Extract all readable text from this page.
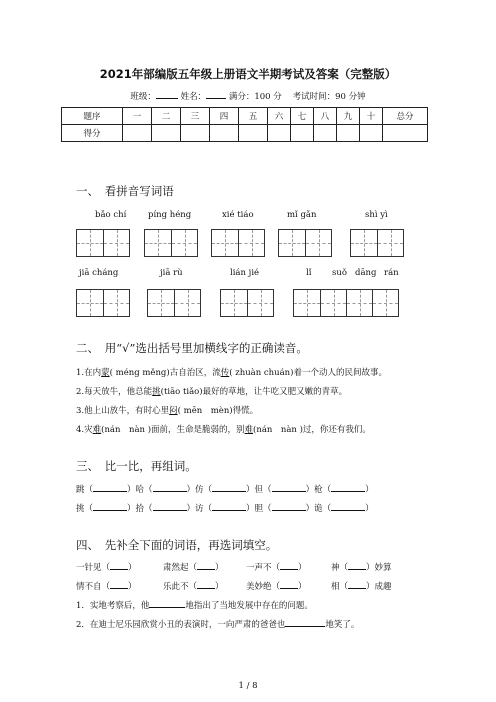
2021年部编版五年级上册语文半期考试及答案（完整版）
班级：	姓名：	满分：100 分 考试时间：90 分钟
题序	一	二	三	四	五	六	七	八	九	十	总分
得分											
一、　看拼音写词语
bǎo chí	píng héng	xié tiáo	mǐ gǎn	shì yì
jiā cháng	jiā rù	lián jié	lǐ suǒ dāng rán
二、　用“√”选出括号里加横线字的正确读音。
1.在内蒙( méng měng)古自治区，流传( zhuàn chuán)着一个动人的民间故事。
2.每天放牛，他总能挑(tiāo tiǎo)最好的草地，让牛吃又肥又嫩的青草。
3.他上山放牛，有时心里闷( mēn　mèn)得慌。
4.灾难(nán　nàn )面前，生命是脆弱的，别难(nán　nàn )过，你还有我们。
三、　比一比，再组词。
跳（	）哈（	）仿（	）但（	）枪（	）
挑（	）拾（	）访（	）胆（	）诡（	）
四、　先补全下面的词语，再选词填空。
一针见（ ）	肃然起（ ）	一声不（ ）	神（ ）妙算
情不自（ ）	乐此不（ ）	美妙绝（ ）	相（ ）成趣
1．实地考察后，他	地指出了当地发展中存在的问题。
2．在迪士尼乐园欣赏小丑的表演时，一向严肃的爸爸也	地笑了。
1 / 8
